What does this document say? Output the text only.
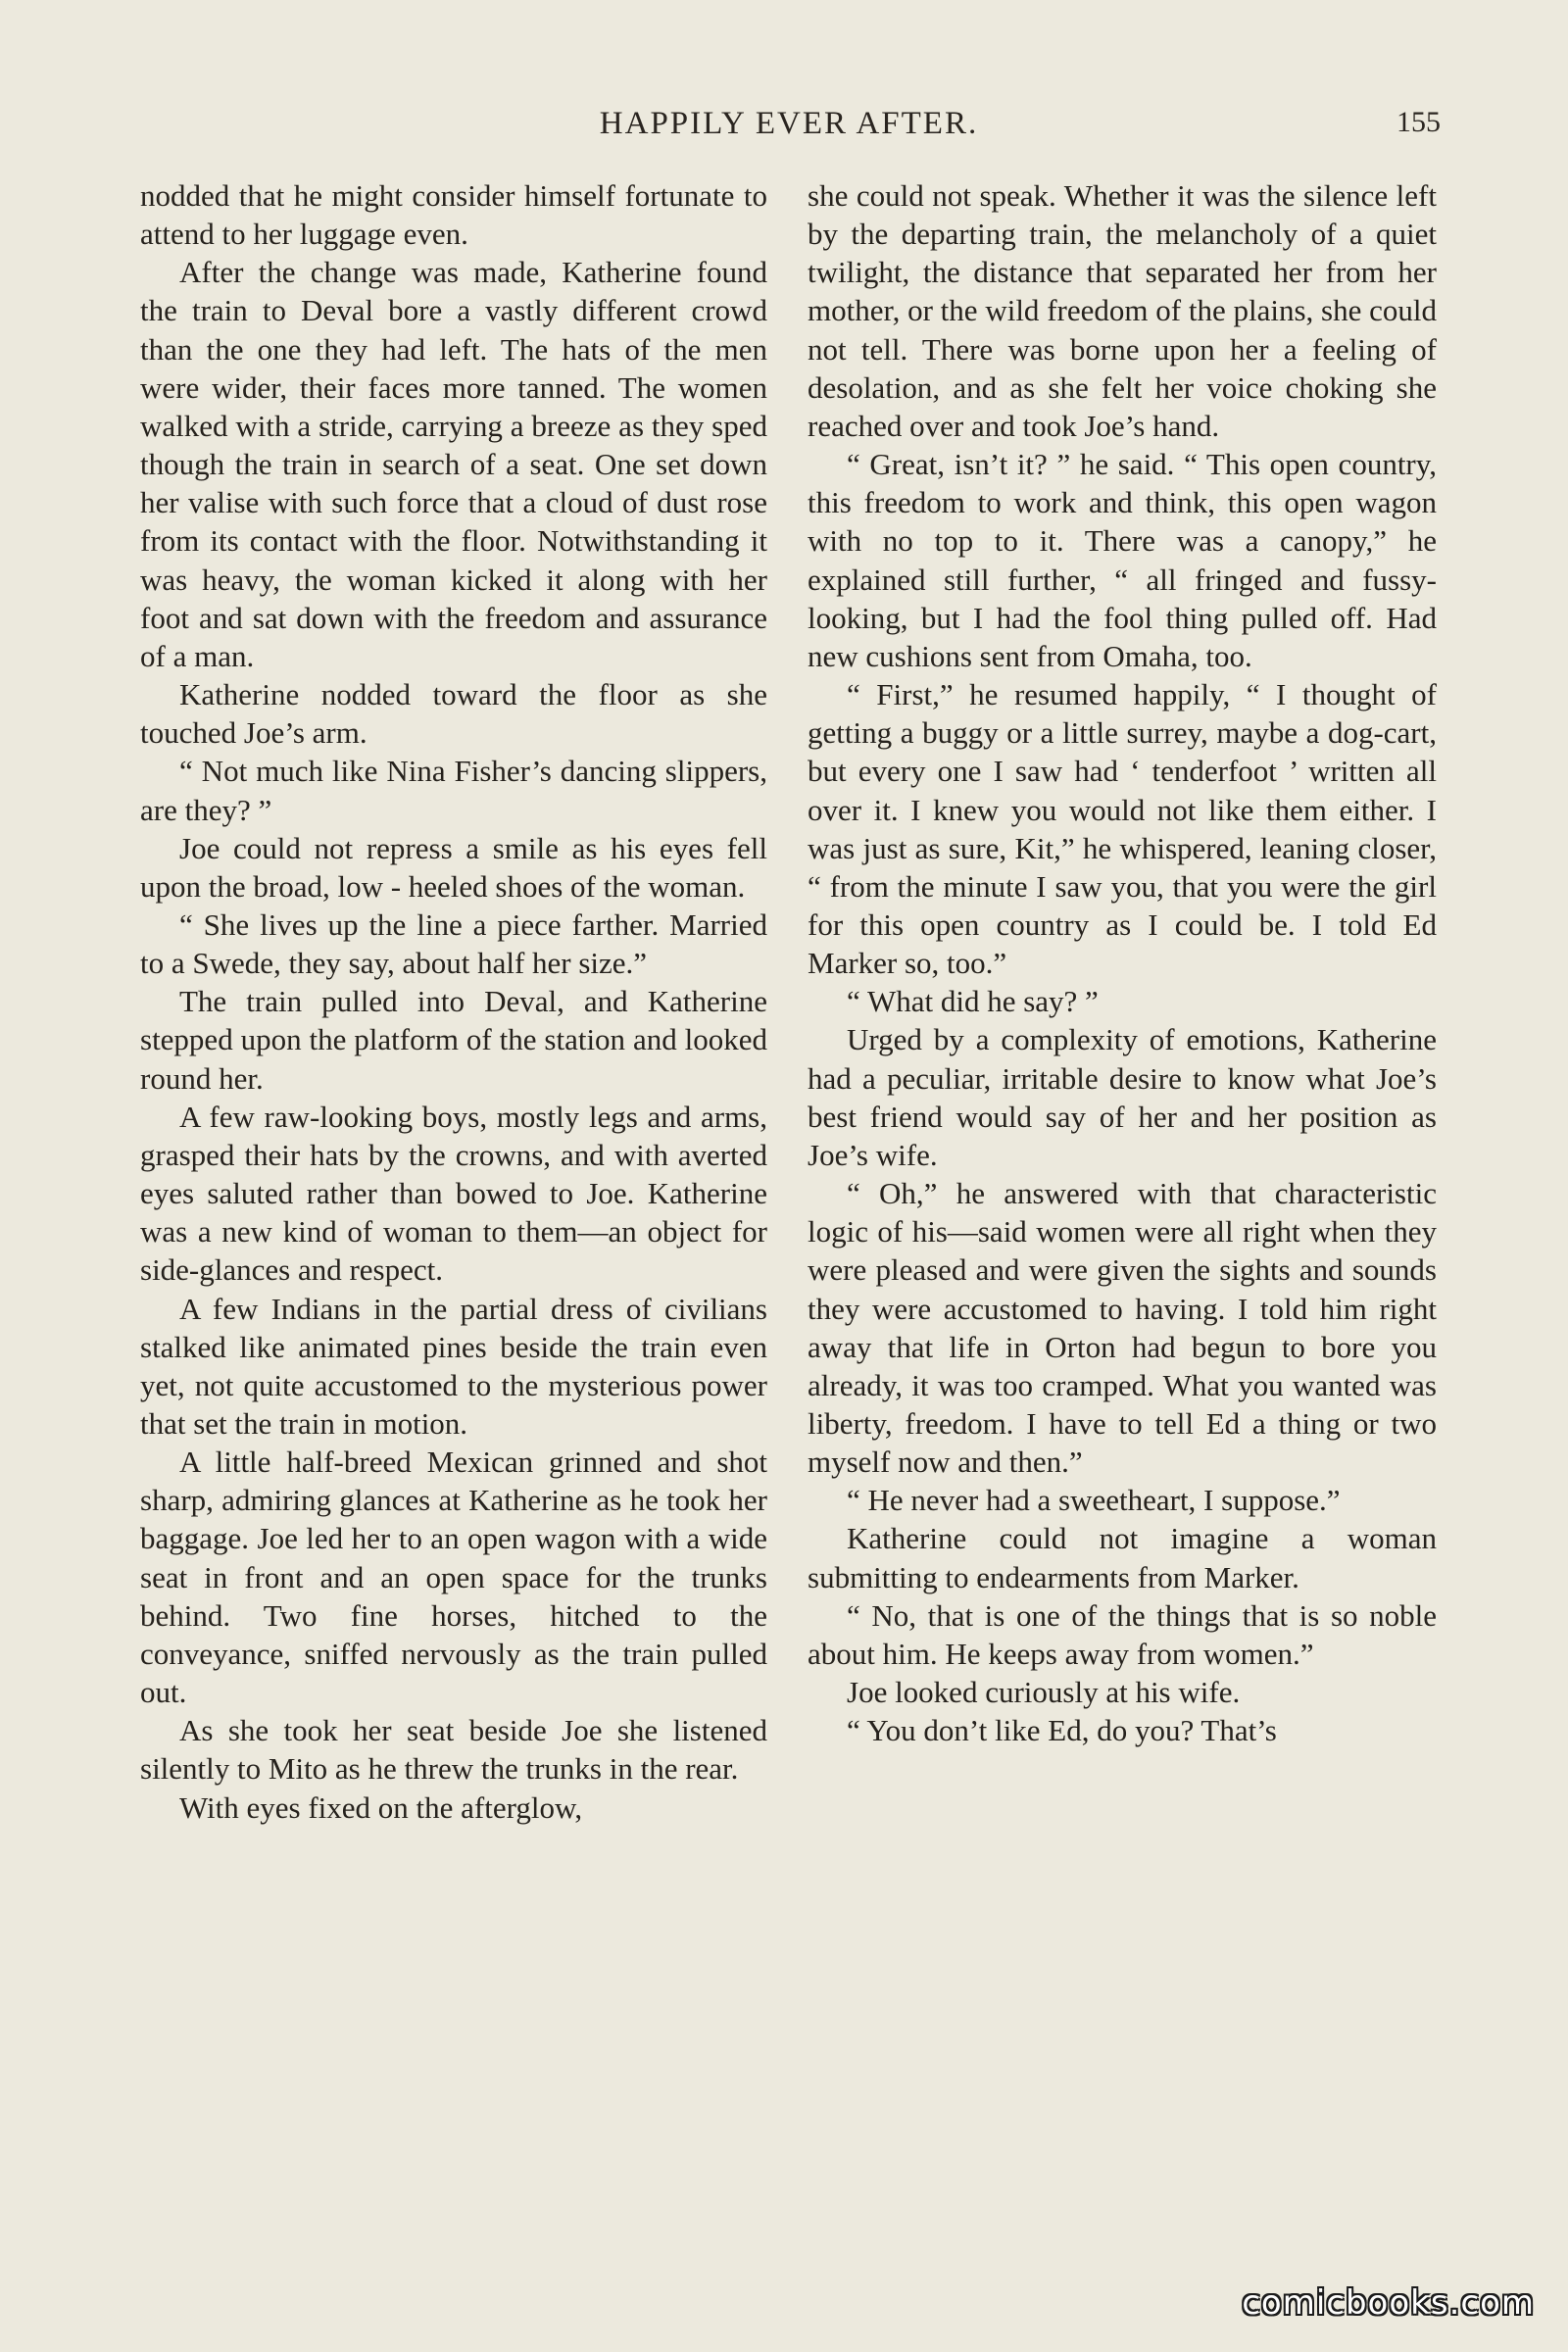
HAPPILY EVER AFTER.	155

nodded that he might consider himself fortunate to attend to her luggage even.

After the change was made, Katherine found the train to Deval bore a vastly different crowd than the one they had left. The hats of the men were wider, their faces more tanned. The women walked with a stride, carrying a breeze as they sped though the train in search of a seat. One set down her valise with such force that a cloud of dust rose from its contact with the floor. Notwithstanding it was heavy, the woman kicked it along with her foot and sat down with the freedom and assurance of a man.

Katherine nodded toward the floor as she touched Joe’s arm.

“ Not much like Nina Fisher’s dancing slippers, are they? ”

Joe could not repress a smile as his eyes fell upon the broad, low - heeled shoes of the woman.

“ She lives up the line a piece farther. Married to a Swede, they say, about half her size.”

The train pulled into Deval, and Katherine stepped upon the platform of the station and looked round her.

A few raw-looking boys, mostly legs and arms, grasped their hats by the crowns, and with averted eyes saluted rather than bowed to Joe. Katherine was a new kind of woman to them—an object for side-glances and respect.

A few Indians in the partial dress of civilians stalked like animated pines beside the train even yet, not quite accustomed to the mysterious power that set the train in motion.

A little half-breed Mexican grinned and shot sharp, admiring glances at Katherine as he took her baggage. Joe led her to an open wagon with a wide seat in front and an open space for the trunks behind. Two fine horses, hitched to the conveyance, sniffed nervously as the train pulled out.

As she took her seat beside Joe she listened silently to Mito as he threw the trunks in the rear.

With eyes fixed on the afterglow,

she could not speak. Whether it was the silence left by the departing train, the melancholy of a quiet twilight, the distance that separated her from her mother, or the wild freedom of the plains, she could not tell. There was borne upon her a feeling of desolation, and as she felt her voice choking she reached over and took Joe’s hand.

“ Great, isn’t it? ” he said. “ This open country, this freedom to work and think, this open wagon with no top to it. There was a canopy,” he explained still further, “ all fringed and fussy-looking, but I had the fool thing pulled off. Had new cushions sent from Omaha, too.

“ First,” he resumed happily, “ I thought of getting a buggy or a little surrey, maybe a dog-cart, but every one I saw had ‘ tenderfoot ’ written all over it. I knew you would not like them either. I was just as sure, Kit,” he whispered, leaning closer, “ from the minute I saw you, that you were the girl for this open country as I could be. I told Ed Marker so, too.”

“ What did he say? ”

Urged by a complexity of emotions, Katherine had a peculiar, irritable desire to know what Joe’s best friend would say of her and her position as Joe’s wife.

“ Oh,” he answered with that characteristic logic of his—said women were all right when they were pleased and were given the sights and sounds they were accustomed to having. I told him right away that life in Orton had begun to bore you already, it was too cramped. What you wanted was liberty, freedom. I have to tell Ed a thing or two myself now and then.”

“ He never had a sweetheart, I suppose.”

Katherine could not imagine a woman submitting to endearments from Marker.

“ No, that is one of the things that is so noble about him. He keeps away from women.”

Joe looked curiously at his wife.

“ You don’t like Ed, do you? That’s

comicbooks.com
